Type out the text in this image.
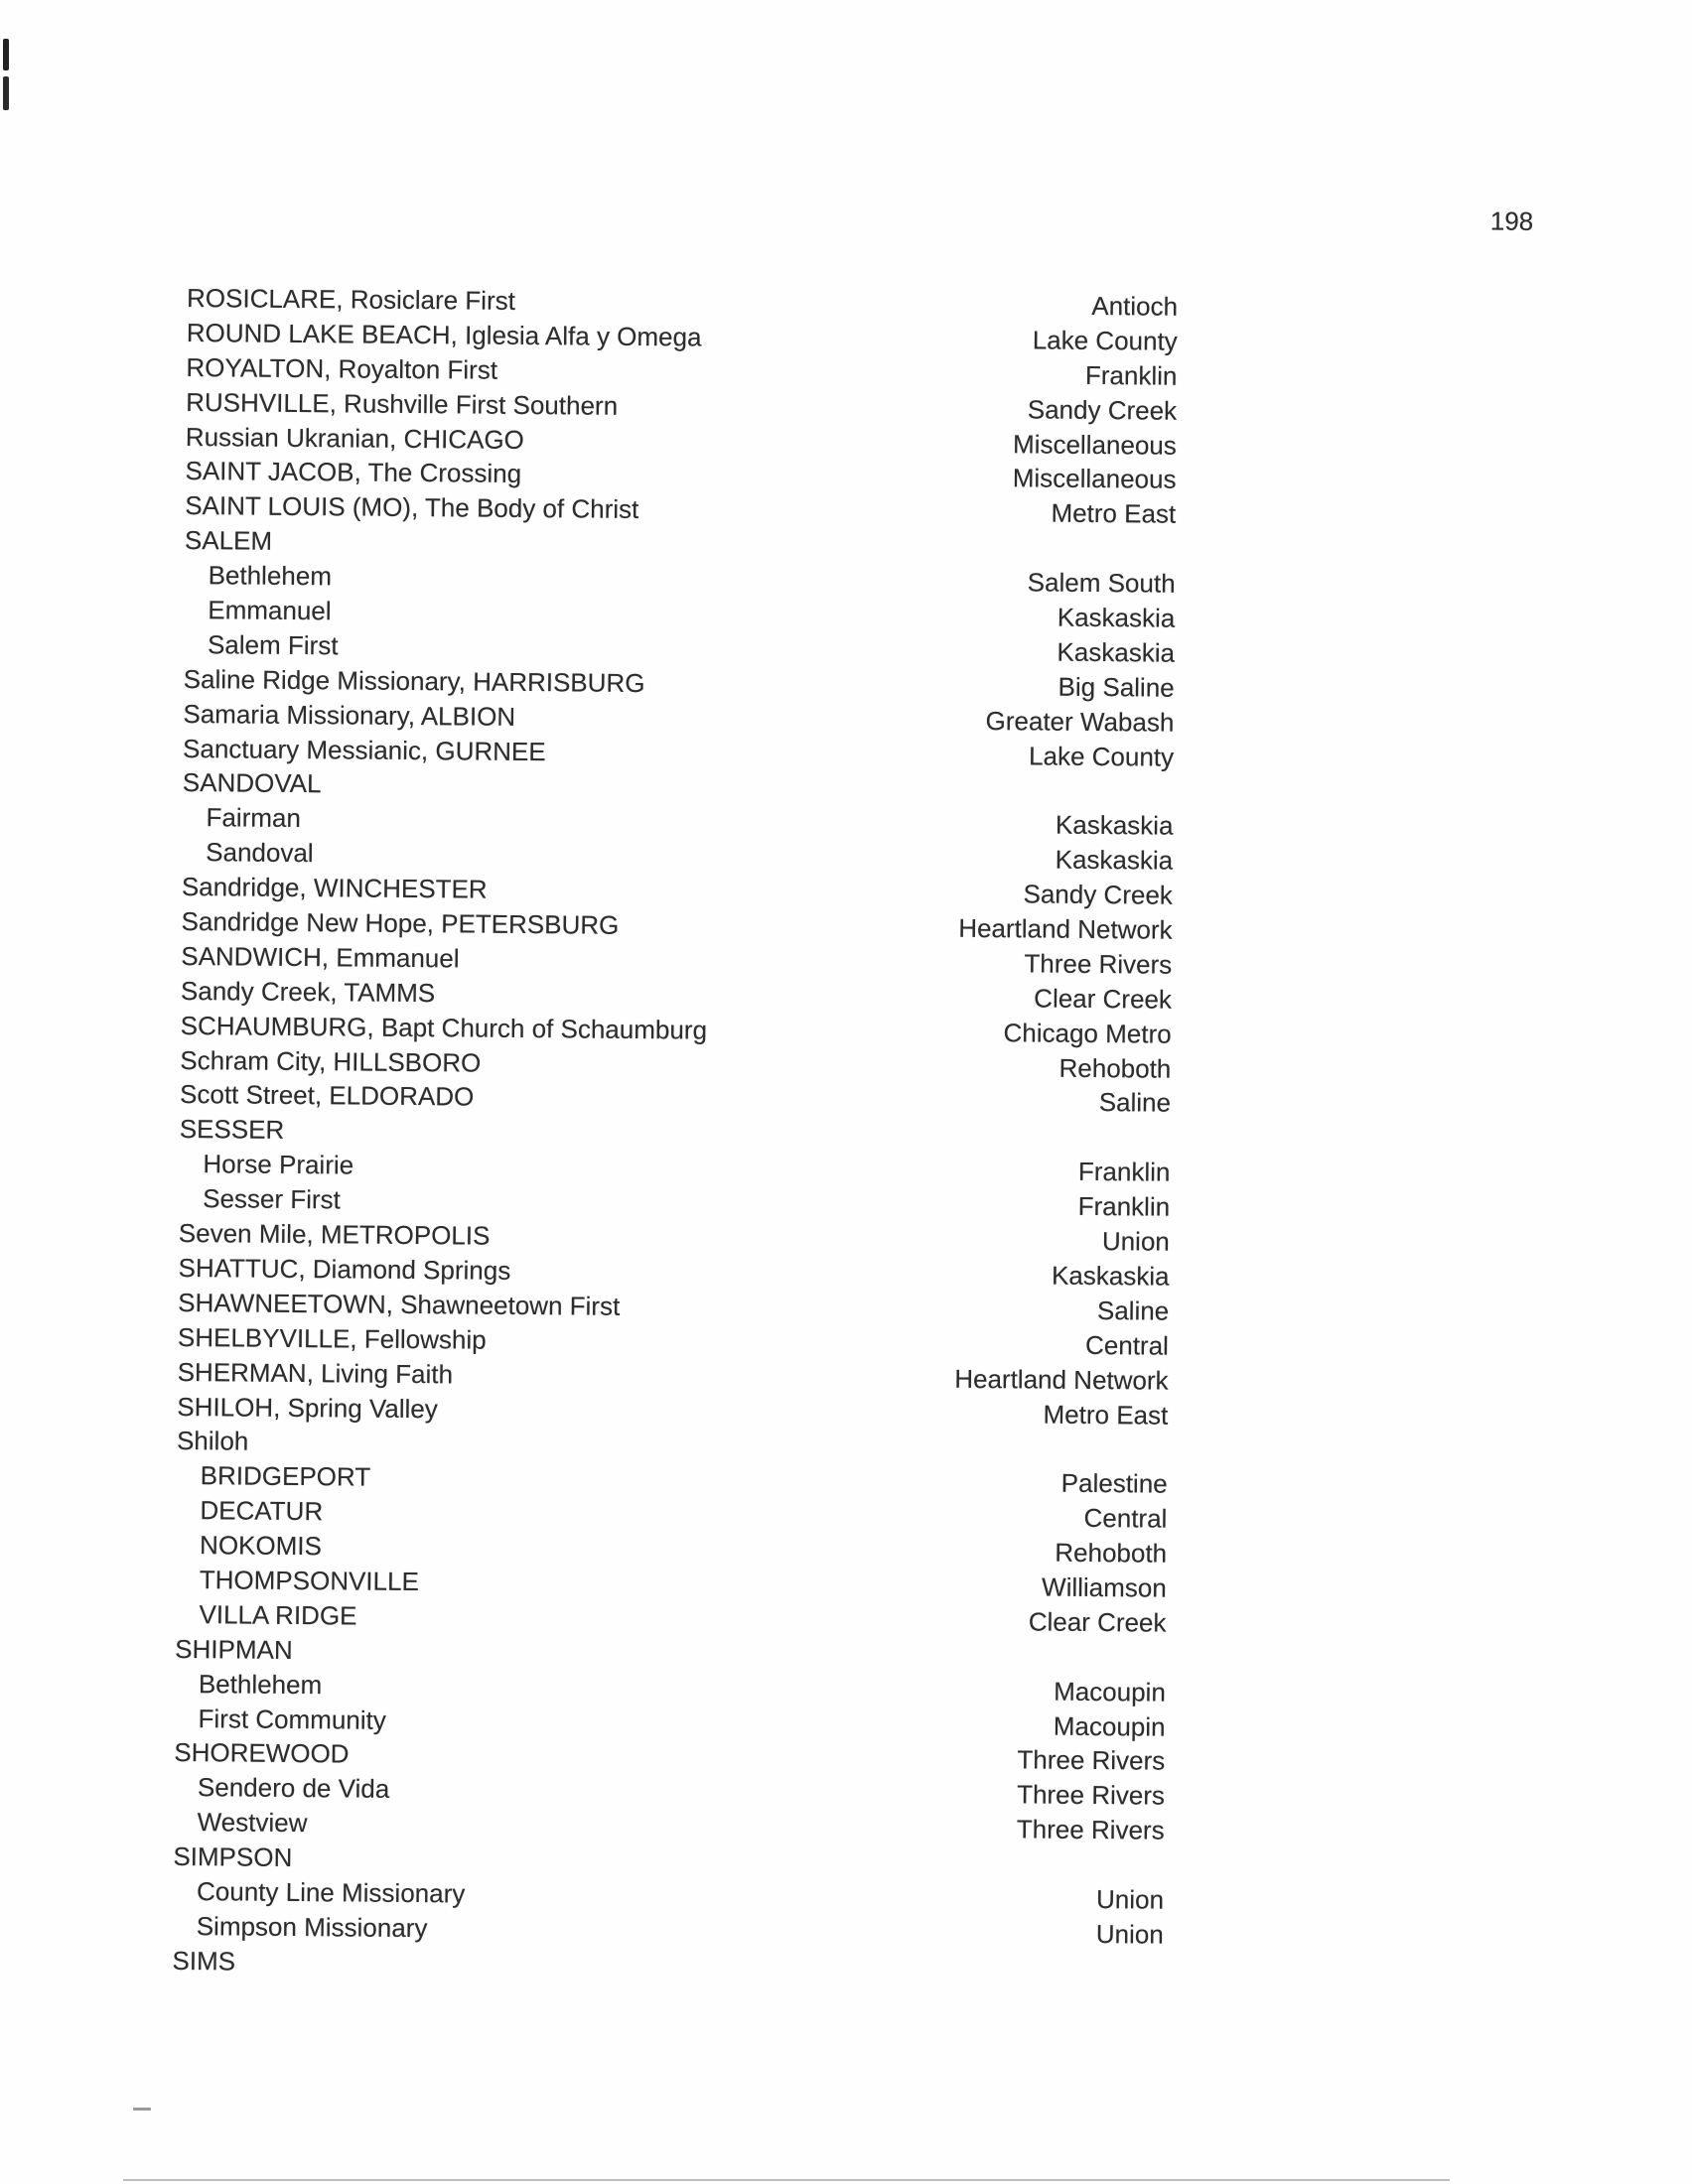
198
ROSICLARE, Rosiclare First	Antioch
ROUND LAKE BEACH, Iglesia Alfa y Omega	Lake County
ROYALTON, Royalton First	Franklin
RUSHVILLE, Rushville First Southern	Sandy Creek
Russian Ukranian, CHICAGO	Miscellaneous
SAINT JACOB, The Crossing	Miscellaneous
SAINT LOUIS (MO), The Body of Christ	Metro East
SALEM
Bethlehem	Salem South
Emmanuel	Kaskaskia
Salem First	Kaskaskia
Saline Ridge Missionary, HARRISBURG	Big Saline
Samaria Missionary, ALBION	Greater Wabash
Sanctuary Messianic, GURNEE	Lake County
SANDOVAL
Fairman	Kaskaskia
Sandoval	Kaskaskia
Sandridge, WINCHESTER	Sandy Creek
Sandridge New Hope, PETERSBURG	Heartland Network
SANDWICH, Emmanuel	Three Rivers
Sandy Creek, TAMMS	Clear Creek
SCHAUMBURG, Bapt Church of Schaumburg	Chicago Metro
Schram City, HILLSBORO	Rehoboth
Scott Street, ELDORADO	Saline
SESSER
Horse Prairie	Franklin
Sesser First	Franklin
Seven Mile, METROPOLIS	Union
SHATTUC, Diamond Springs	Kaskaskia
SHAWNEETOWN, Shawneetown First	Saline
SHELBYVILLE, Fellowship	Central
SHERMAN, Living Faith	Heartland Network
SHILOH, Spring Valley	Metro East
Shiloh
BRIDGEPORT	Palestine
DECATUR	Central
NOKOMIS	Rehoboth
THOMPSONVILLE	Williamson
VILLA RIDGE	Clear Creek
SHIPMAN
Bethlehem	Macoupin
First Community	Macoupin
SHOREWOOD	Three Rivers
Sendero de Vida	Three Rivers
Westview	Three Rivers
SIMPSON
County Line Missionary	Union
Simpson Missionary	Union
SIMS
